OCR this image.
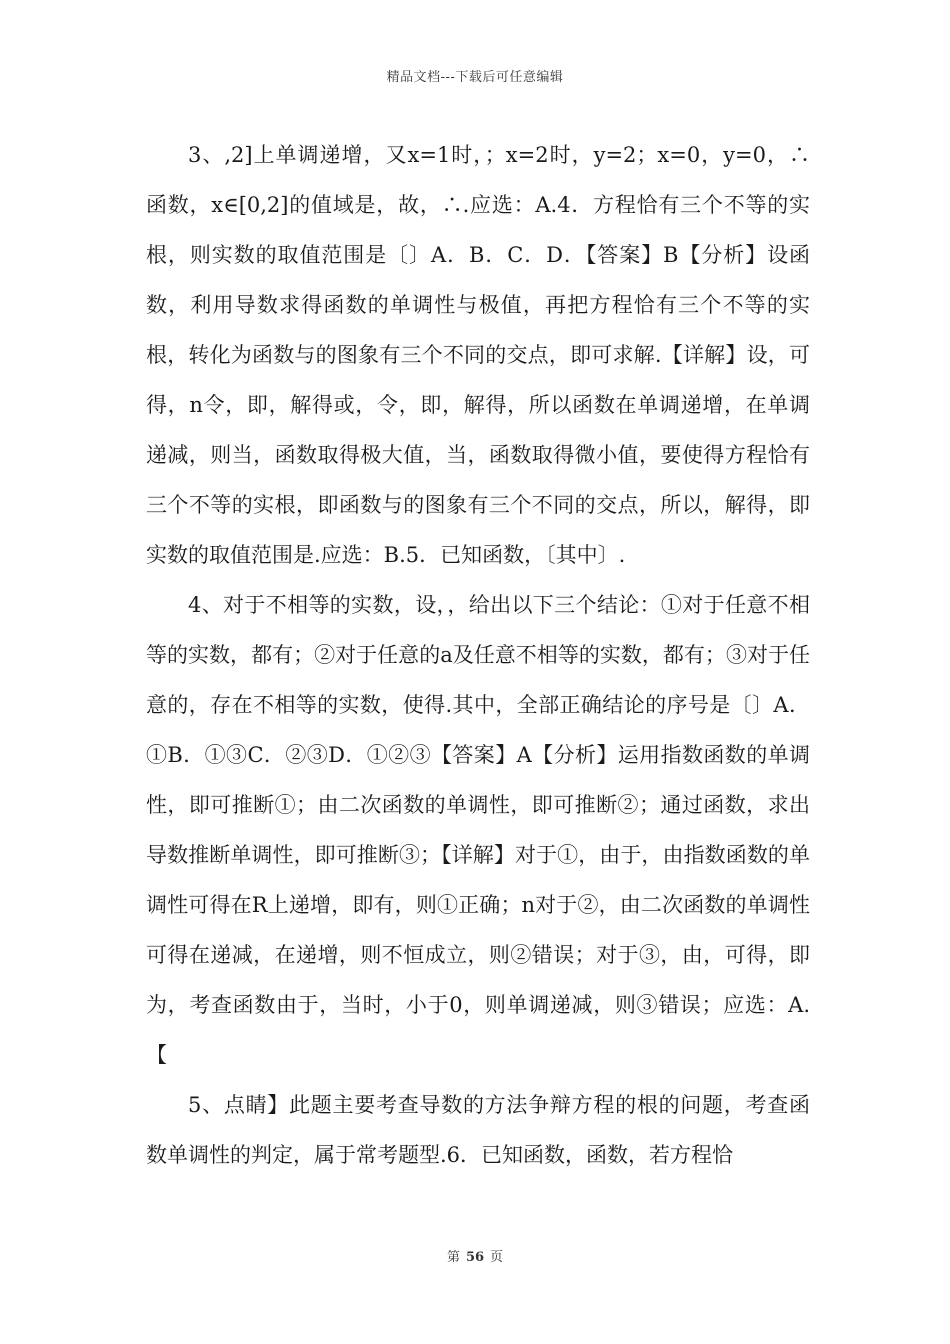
精品文档---下载后可任意编辑

3、,2]上单调递增，又x=1时，；x=2时，y=2；x=0，y=0，∴函数，x∈[0,2]的值域是，故，∴.应选：A.4．方程恰有三个不等的实根，则实数的取值范围是〔〕A．B．C．D．【答案】B【分析】设函数，利用导数求得函数的单调性与极值，再把方程恰有三个不等的实根，转化为函数与的图象有三个不同的交点，即可求解.【详解】设，可得，n令，即，解得或，令，即，解得，所以函数在单调递增，在单调递减，则当，函数取得极大值，当，函数取得微小值，要使得方程恰有三个不等的实根，即函数与的图象有三个不同的交点，所以，解得，即实数的取值范围是.应选：B.5．已知函数，〔其中〕.

4、对于不相等的实数，设，，给出以下三个结论：①对于任意不相等的实数，都有；②对于任意的a及任意不相等的实数，都有；③对于任意的，存在不相等的实数，使得.其中，全部正确结论的序号是〔〕A．①B．①③C．②③D．①②③【答案】A【分析】运用指数函数的单调性，即可推断①；由二次函数的单调性，即可推断②；通过函数，求出导数推断单调性，即可推断③；【详解】对于①，由于，由指数函数的单调性可得在R上递增，即有，则①正确；n对于②，由二次函数的单调性可得在递减，在递增，则不恒成立，则②错误；对于③，由，可得，即为，考查函数由于，当时，小于0，则单调递减，则③错误；应选：A.【

5、点睛】此题主要考查导数的方法争辩方程的根的问题，考查函数单调性的判定，属于常考题型.6．已知函数，函数，若方程恰

第 56 页
